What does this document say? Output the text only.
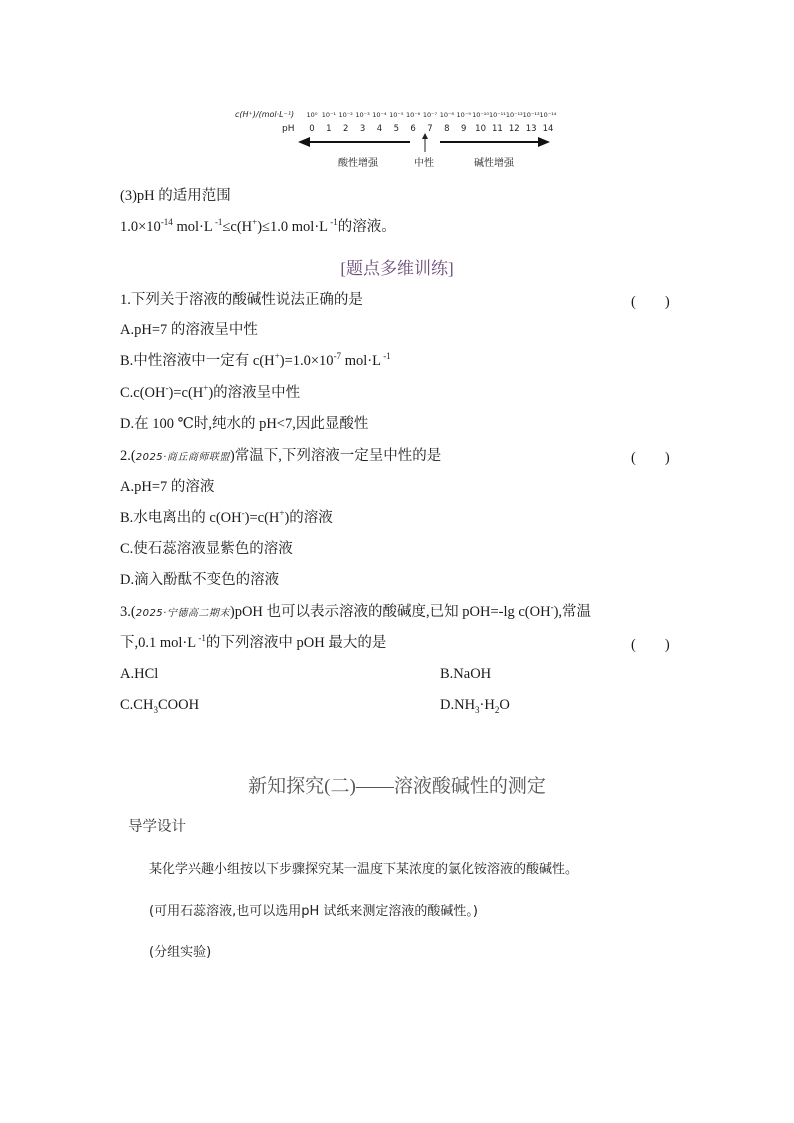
c(H⁺)/(mol·L⁻¹)
pH
10⁰ 10⁻¹ 10⁻² 10⁻³ 10⁻⁴ 10⁻⁵ 10⁻⁶ 10⁻⁷ 10⁻⁸ 10⁻⁹ 10⁻¹⁰ 10⁻¹¹ 10⁻¹² 10⁻¹³ 10⁻¹⁴
0 1 2 3 4 5 6 7 8 9 10 11 12 13 14
酸性增强	中性	碱性增强
(3)pH 的适用范围
$1.0\times 10^{-14}$ mol·L $^{-1}$≤c(H+)≤1.0 mol·L $^{-1}$的溶液。
[题点多维训练]
1.下列关于溶液的酸碱性说法正确的是	(　　)
A.pH=7 的溶液呈中性
B.中性溶液中一定有 $c(H^+)=1.0\times 10^{-7}$ mol·L $^{-1}$
C.c(OH-)=c(H+)的溶液呈中性
D.在 100 ℃时,纯水的 pH<7,因此显酸性
2.(2025·商丘商师联盟)常温下,下列溶液一定呈中性的是	(　　)
A.pH=7 的溶液
B.水电离出的 c(OH-)=c(H+)的溶液
C.使石蕊溶液显紫色的溶液
D.滴入酚酞不变色的溶液
3.(2025·宁德高二期末)pOH 也可以表示溶液的酸碱度,已知 pOH=-lg c(OH-),常温
下,0.1 mol·L $^{-1}$的下列溶液中 pOH 最大的是	(　　)
A.HCl	B.NaOH
$C.CH_3COOH$	$D.NH_3\cdot H_2O$
新知探究(二)——溶液酸碱性的测定
导学设计
某化学兴趣小组按以下步骤探究某一温度下某浓度的氯化铵溶液的酸碱性。
(可用石蕊溶液,也可以选用pH 试纸来测定溶液的酸碱性。)
(分组实验)
